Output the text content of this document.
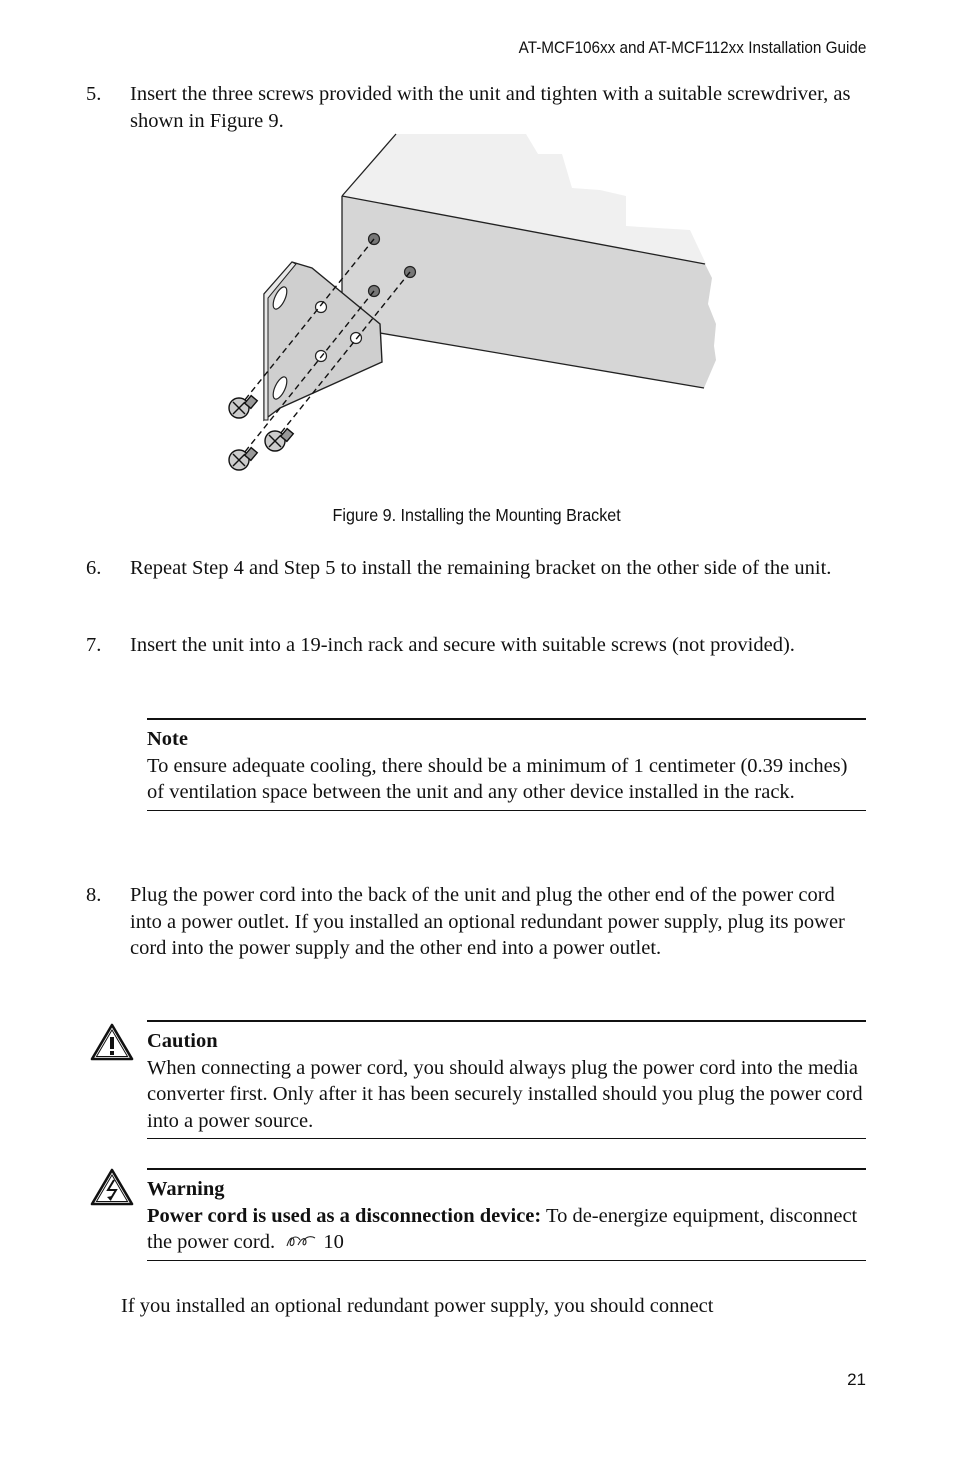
AT-MCF106xx and AT-MCF112xx Installation Guide
5. Insert the three screws provided with the unit and tighten with a suitable screwdriver, as shown in Figure 9.
Figure 9. Installing the Mounting Bracket
6. Repeat Step 4 and Step 5 to install the remaining bracket on the other side of the unit.
7. Insert the unit into a 19-inch rack and secure with suitable screws (not provided).
Note
To ensure adequate cooling, there should be a minimum of 1 centimeter (0.39 inches) of ventilation space between the unit and any other device installed in the rack.
8. Plug the power cord into the back of the unit and plug the other end of the power cord into a power outlet. If you installed an optional redundant power supply, plug its power cord into the power supply and the other end into a power outlet.
Caution
When connecting a power cord, you should always plug the power cord into the media converter first. Only after it has been securely installed should you plug the power cord into a power source.
Warning
Power cord is used as a disconnection device: To de-energize equipment, disconnect the power cord. 10
If you installed an optional redundant power supply, you should connect
21
